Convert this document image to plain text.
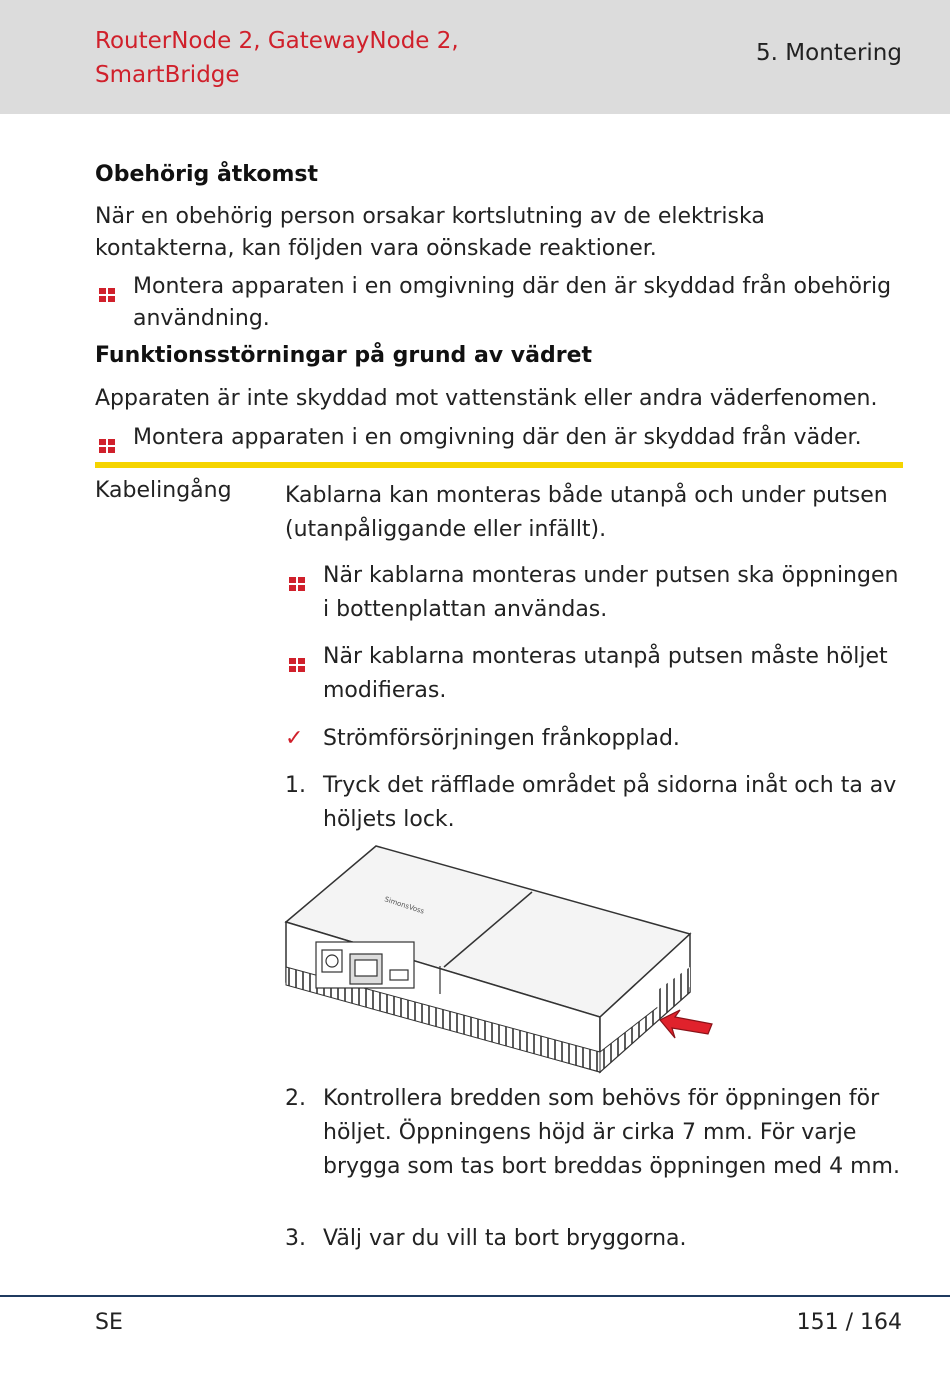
RouterNode 2, GatewayNode 2, SmartBridge
5. Montering
Obehörig åtkomst
När en obehörig person orsakar kortslutning av de elektriska kontakterna, kan följden vara oönskade reaktioner.
Montera apparaten i en omgivning där den är skyddad från obehörig användning.
Funktionsstörningar på grund av vädret
Apparaten är inte skyddad mot vattenstänk eller andra väderfenomen.
Montera apparaten i en omgivning där den är skyddad från väder.
Kabelingång Kablarna kan monteras både utanpå och under putsen (utanpåliggande eller infällt).
När kablarna monteras under putsen ska öppningen i bottenplattan användas.
När kablarna monteras utanpå putsen måste höljet modifieras.
✓ Strömförsörjningen frånkopplad.
1. Tryck det räfflade området på sidorna inåt och ta av höljets lock.
SimonsVoss
2. Kontrollera bredden som behövs för öppningen för höljet. Öppningens höjd är cirka 7 mm. För varje brygga som tas bort breddas öppningen med 4 mm.
3. Välj var du vill ta bort bryggorna.
SE	151 / 164
